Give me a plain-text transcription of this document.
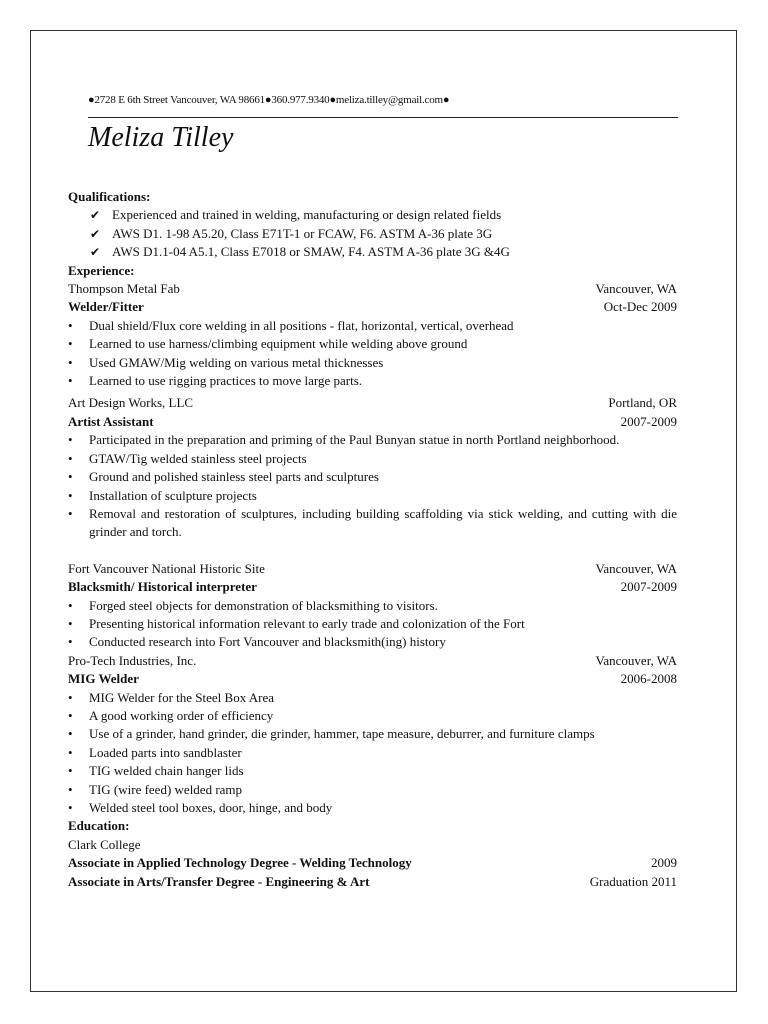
●2728 E 6th Street Vancouver, WA 98661●360.977.9340●meliza.tilley@gmail.com●
Meliza Tilley
Qualifications:
✔ Experienced and trained in welding, manufacturing or design related fields
✔ AWS D1. 1-98 A5.20, Class E71T-1 or FCAW, F6. ASTM A-36 plate 3G
✔ AWS D1.1-04 A5.1, Class E7018 or SMAW, F4. ASTM A-36 plate 3G &4G
Experience:
Thompson Metal Fab	Vancouver, WA
Welder/Fitter	Oct-Dec 2009
• Dual shield/Flux core welding in all positions - flat, horizontal, vertical, overhead
• Learned to use harness/climbing equipment while welding above ground
• Used GMAW/Mig welding on various metal thicknesses
• Learned to use rigging practices to move large parts.
Art Design Works, LLC	Portland, OR
Artist Assistant	2007-2009
• Participated in the preparation and priming of the Paul Bunyan statue in north Portland neighborhood.
• GTAW/Tig welded stainless steel projects
• Ground and polished stainless steel parts and sculptures
• Installation of sculpture projects
• Removal and restoration of sculptures, including building scaffolding via stick welding, and cutting with die grinder and torch.
Fort Vancouver National Historic Site	Vancouver, WA
Blacksmith/ Historical interpreter	2007-2009
• Forged steel objects for demonstration of blacksmithing to visitors.
• Presenting historical information relevant to early trade and colonization of the Fort
• Conducted research into Fort Vancouver and blacksmith(ing) history
Pro-Tech Industries, Inc.	Vancouver, WA
MIG Welder	2006-2008
• MIG Welder for the Steel Box Area
• A good working order of efficiency
• Use of a grinder, hand grinder, die grinder, hammer, tape measure, deburrer, and furniture clamps
• Loaded parts into sandblaster
• TIG welded chain hanger lids
• TIG (wire feed) welded ramp
• Welded steel tool boxes, door, hinge, and body
Education:
Clark College
Associate in Applied Technology Degree - Welding Technology	2009
Associate in Arts/Transfer Degree - Engineering & Art	Graduation 2011
